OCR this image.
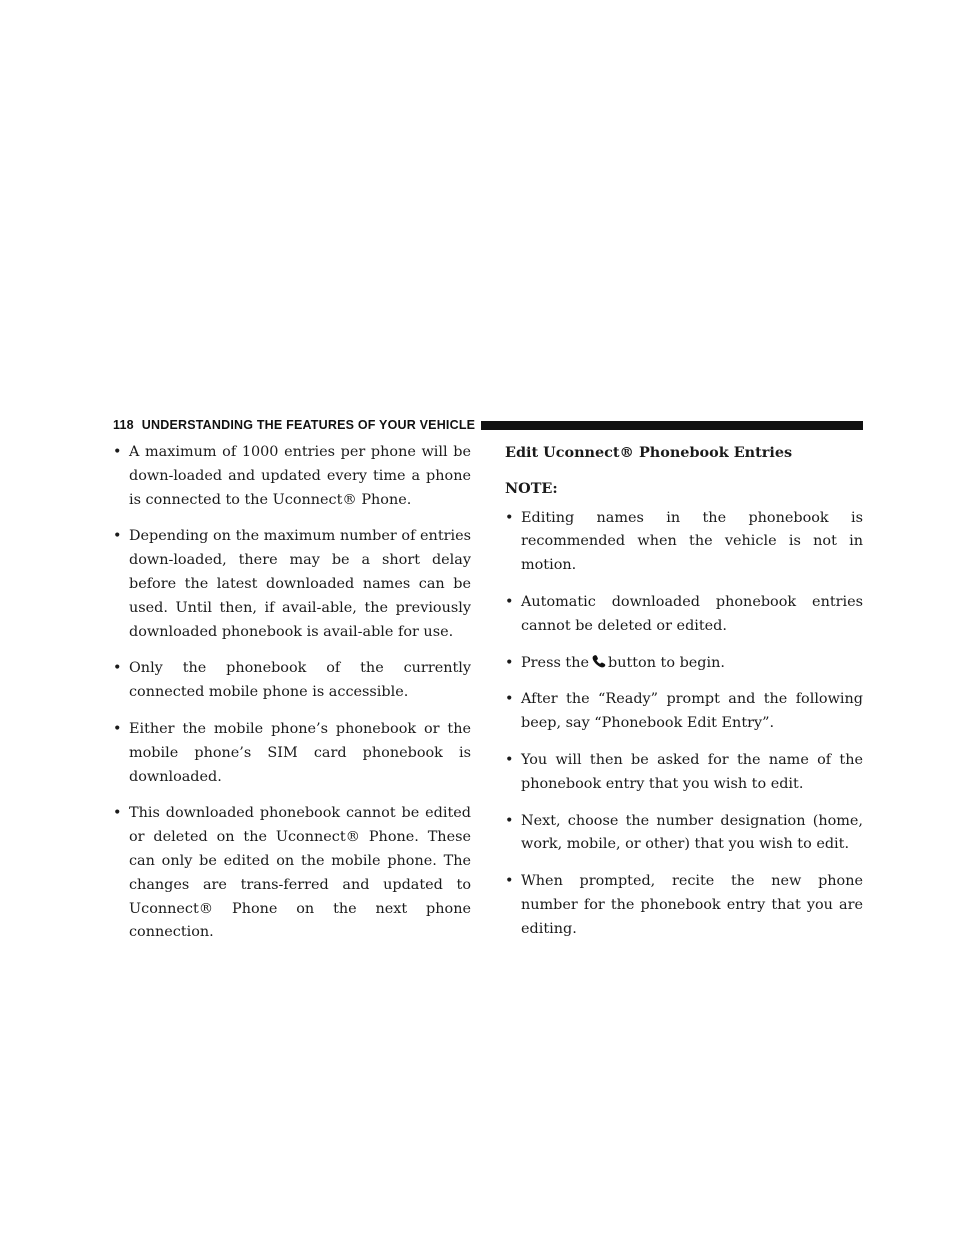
118 UNDERSTANDING THE FEATURES OF YOUR VEHICLE
• A maximum of 1000 entries per phone will be down-loaded and updated every time a phone is connected to the Uconnect® Phone.
• Depending on the maximum number of entries down-loaded, there may be a short delay before the latest downloaded names can be used. Until then, if avail-able, the previously downloaded phonebook is avail-able for use.
• Only the phonebook of the currently connected mobile phone is accessible.
• Either the mobile phone’s phonebook or the mobile phone’s SIM card phonebook is downloaded.
• This downloaded phonebook cannot be edited or deleted on the Uconnect® Phone. These can only be edited on the mobile phone. The changes are trans-ferred and updated to Uconnect® Phone on the next phone connection.
Edit Uconnect® Phonebook Entries
NOTE:
• Editing names in the phonebook is recommended when the vehicle is not in motion.
• Automatic downloaded phonebook entries cannot be deleted or edited.
• Press the button to begin.
• After the “Ready” prompt and the following beep, say “Phonebook Edit Entry”.
• You will then be asked for the name of the phonebook entry that you wish to edit.
• Next, choose the number designation (home, work, mobile, or other) that you wish to edit.
• When prompted, recite the new phone number for the phonebook entry that you are editing.
